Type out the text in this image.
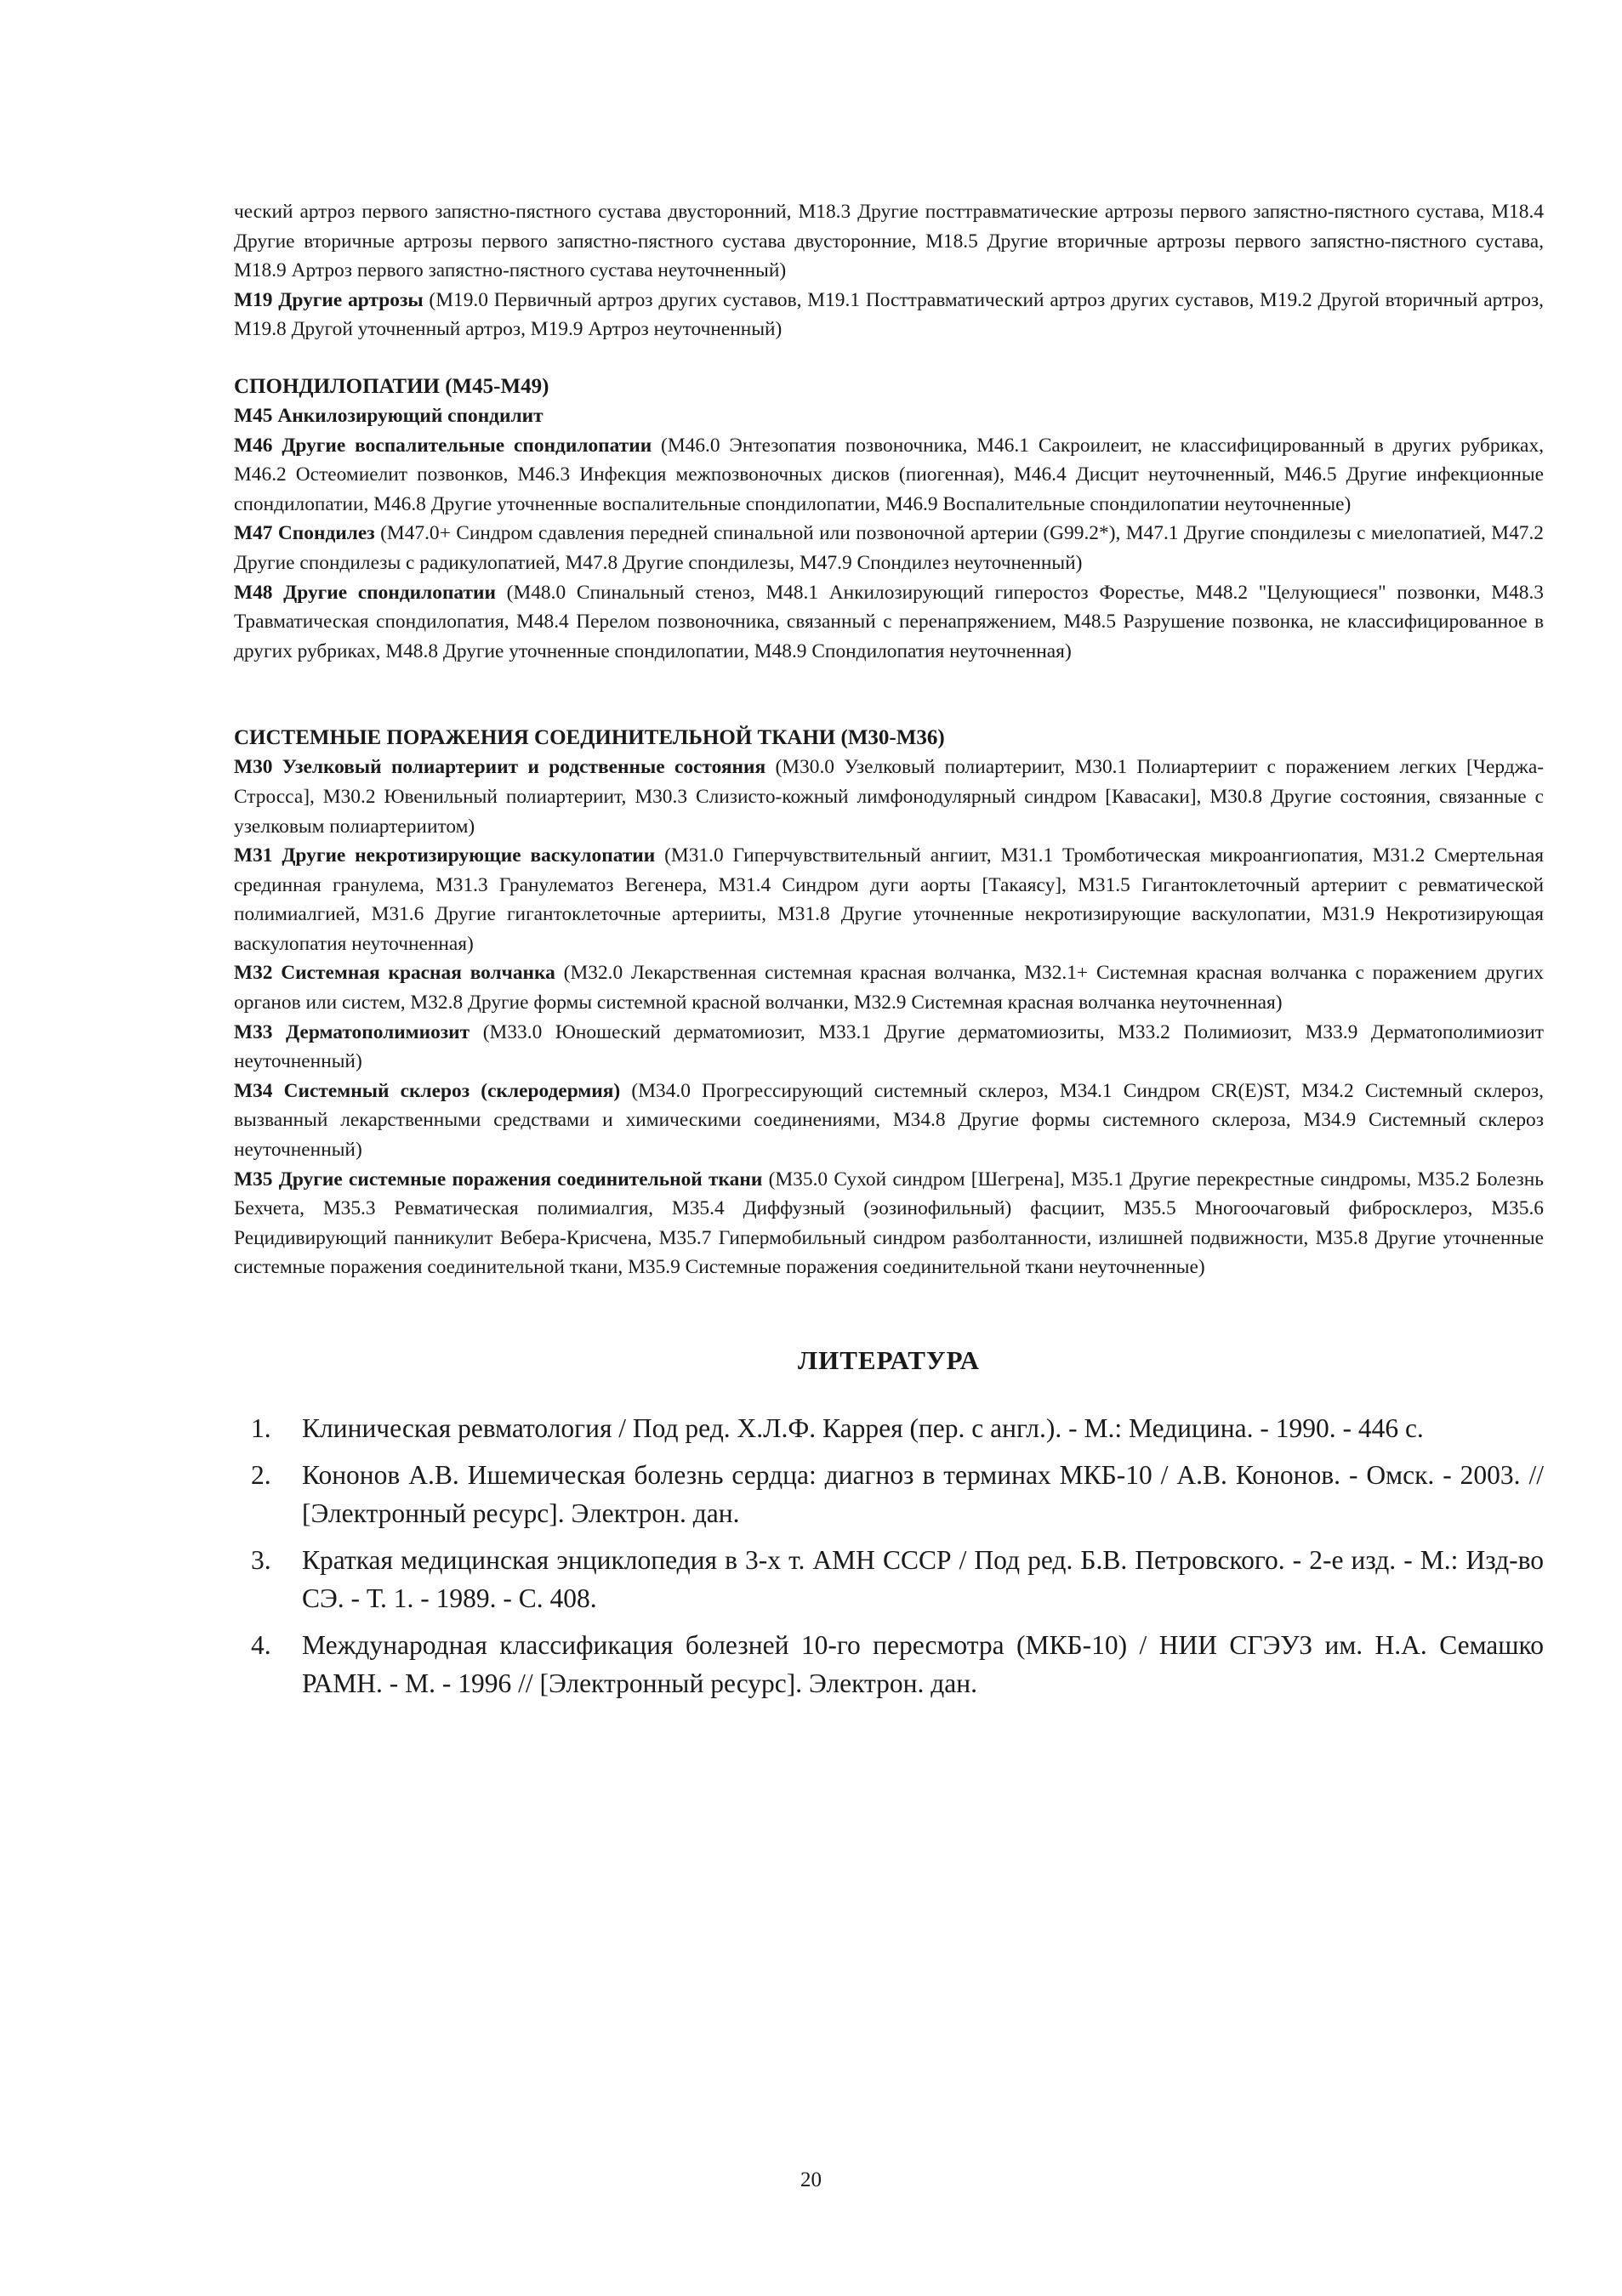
ческий артроз первого запястно-пястного сустава двусторонний, M18.3 Другие посттравматические артрозы первого запястно-пястного сустава, M18.4 Другие вторичные артрозы первого запястно-пястного сустава двусторонние, M18.5 Другие вторичные артрозы первого запястно-пястного сустава, M18.9 Артроз первого запястно-пястного сустава неуточненный)

M19 Другие артрозы (M19.0 Первичный артроз других суставов, M19.1 Посттравматический артроз других суставов, M19.2 Другой вторичный артроз, M19.8 Другой уточненный артроз, M19.9 Артроз неуточненный)

СПОНДИЛОПАТИИ (M45-M49)

M45 Анкилозирующий спондилит

M46 Другие воспалительные спондилопатии (M46.0 Энтезопатия позвоночника, M46.1 Сакроилеит, не классифицированный в других рубриках, M46.2 Остеомиелит позвонков, M46.3 Инфекция межпозвоночных дисков (пиогенная), M46.4 Дисцит неуточненный, M46.5 Другие инфекционные спондилопатии, M46.8 Другие уточненные воспалительные спондилопатии, M46.9 Воспалительные спондилопатии неуточненные)

M47 Спондилез (M47.0+ Синдром сдавления передней спинальной или позвоночной артерии (G99.2*), M47.1 Другие спондилезы с миелопатией, M47.2 Другие спондилезы с радикулопатией, M47.8 Другие спондилезы, M47.9 Спондилез неуточненный)

M48 Другие спондилопатии (M48.0 Спинальный стеноз, M48.1 Анкилозирующий гиперостоз Форестье, M48.2 "Целующиеся" позвонки, M48.3 Травматическая спондилопатия, M48.4 Перелом позвоночника, связанный с перенапряжением, M48.5 Разрушение позвонка, не классифицированное в других рубриках, M48.8 Другие уточненные спондилопатии, M48.9 Спондилопатия неуточненная)

СИСТЕМНЫЕ ПОРАЖЕНИЯ СОЕДИНИТЕЛЬНОЙ ТКАНИ (M30-M36)

M30 Узелковый полиартериит и родственные состояния (M30.0 Узелковый полиартериит, M30.1 Полиартериит с поражением легких [Черджа-Стросса], M30.2 Ювенильный полиартериит, M30.3 Слизисто-кожный лимфонодулярный синдром [Кавасаки], M30.8 Другие состояния, связанные с узелковым полиартериитом)

M31 Другие некротизирующие васкулопатии (M31.0 Гиперчувствительный ангиит, M31.1 Тромботическая микроангиопатия, M31.2 Смертельная срединная гранулема, M31.3 Гранулематоз Вегенера, M31.4 Синдром дуги аорты [Такаясу], M31.5 Гигантоклеточный артериит с ревматической полимиалгией, M31.6 Другие гигантоклеточные артерииты, M31.8 Другие уточненные некротизирующие васкулопатии, M31.9 Некротизирующая васкулопатия неуточненная)

M32 Системная красная волчанка (M32.0 Лекарственная системная красная волчанка, M32.1+ Системная красная волчанка с поражением других органов или систем, M32.8 Другие формы системной красной волчанки, M32.9 Системная красная волчанка неуточненная)

M33 Дерматополимиозит (M33.0 Юношеский дерматомиозит, M33.1 Другие дерматомиозиты, M33.2 Полимиозит, M33.9 Дерматополимиозит неуточненный)

M34 Системный склероз (склеродермия) (M34.0 Прогрессирующий системный склероз, M34.1 Синдром CR(E)ST, M34.2 Системный склероз, вызванный лекарственными средствами и химическими соединениями, M34.8 Другие формы системного склероза, M34.9 Системный склероз неуточненный)

M35 Другие системные поражения соединительной ткани (M35.0 Сухой синдром [Шегрена], M35.1 Другие перекрестные синдромы, M35.2 Болезнь Бехчета, M35.3 Ревматическая полимиалгия, M35.4 Диффузный (эозинофильный) фасциит, M35.5 Многоочаговый фибросклероз, M35.6 Рецидивирующий панникулит Вебера-Крисчена, M35.7 Гипермобильный синдром разболтанности, излишней подвижности, M35.8 Другие уточненные системные поражения соединительной ткани, M35.9 Системные поражения соединительной ткани неуточненные)

ЛИТЕРАТУРА

1. Клиническая ревматология / Под ред. Х.Л.Ф. Каррея (пер. с англ.). - М.: Медицина. - 1990. - 446 с.
2. Кононов А.В. Ишемическая болезнь сердца: диагноз в терминах МКБ-10 / А.В. Кононов. - Омск. - 2003. // [Электронный ресурс]. Электрон. дан.
3. Краткая медицинская энциклопедия в 3-х т. АМН СССР / Под ред. Б.В. Петровского. - 2-е изд. - М.: Изд-во СЭ. - Т. 1. - 1989. - С. 408.
4. Международная классификация болезней 10-го пересмотра (МКБ-10) / НИИ СГЭУЗ им. Н.А. Семашко РАМН. - М. - 1996 // [Электронный ресурс]. Электрон. дан.
20
